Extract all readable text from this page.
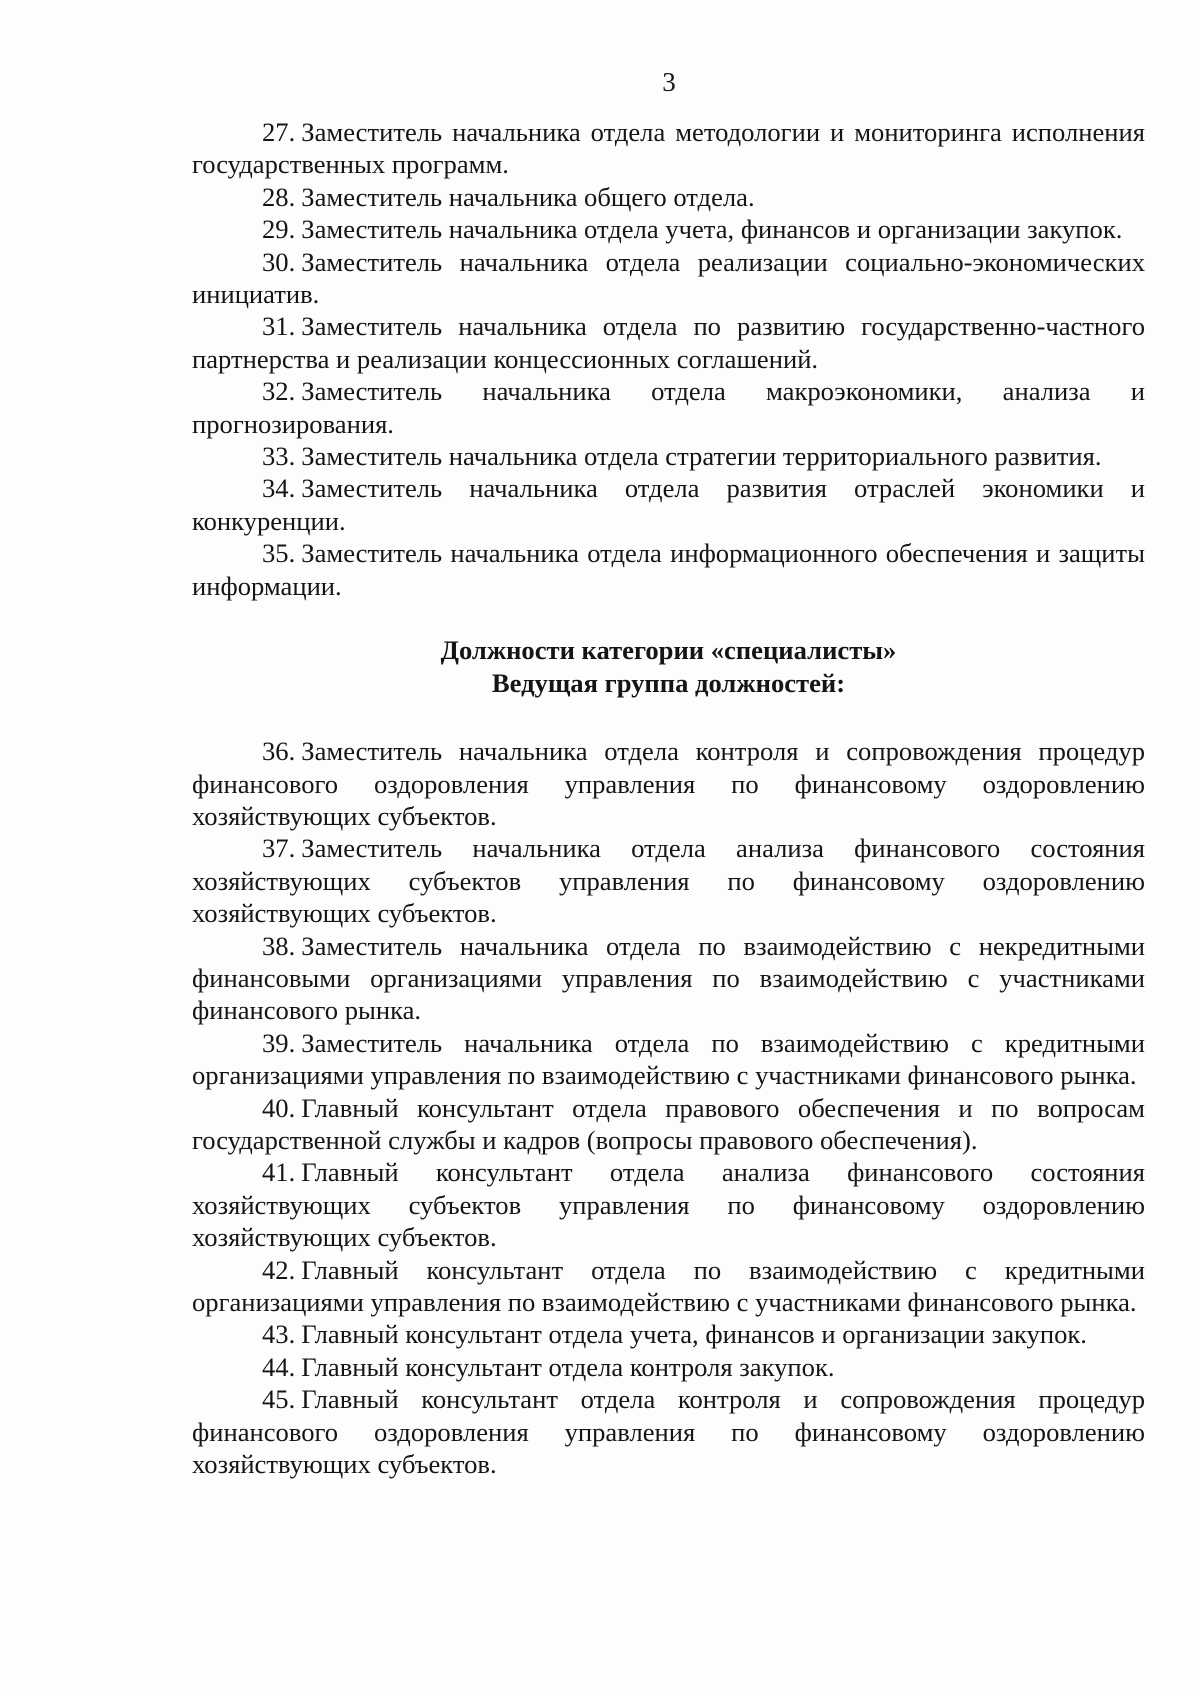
3

27. Заместитель начальника отдела методологии и мониторинга исполнения государственных программ.

28. Заместитель начальника общего отдела.

29. Заместитель начальника отдела учета, финансов и организации закупок.

30. Заместитель начальника отдела реализации социально-экономических инициатив.

31. Заместитель начальника отдела по развитию государственно-частного партнерства и реализации концессионных соглашений.

32. Заместитель начальника отдела макроэкономики, анализа и прогнозирования.

33. Заместитель начальника отдела стратегии территориального развития.

34. Заместитель начальника отдела развития отраслей экономики и конкуренции.

35. Заместитель начальника отдела информационного обеспечения и защиты информации.

Должности категории «специалисты»
Ведущая группа должностей:

36. Заместитель начальника отдела контроля и сопровождения процедур финансового оздоровления управления по финансовому оздоровлению хозяйствующих субъектов.

37. Заместитель начальника отдела анализа финансового состояния хозяйствующих субъектов управления по финансовому оздоровлению хозяйствующих субъектов.

38. Заместитель начальника отдела по взаимодействию с некредитными финансовыми организациями управления по взаимодействию с участниками финансового рынка.

39. Заместитель начальника отдела по взаимодействию с кредитными организациями управления по взаимодействию с участниками финансового рынка.

40. Главный консультант отдела правового обеспечения и по вопросам государственной службы и кадров (вопросы правового обеспечения).

41. Главный консультант отдела анализа финансового состояния хозяйствующих субъектов управления по финансовому оздоровлению хозяйствующих субъектов.

42. Главный консультант отдела по взаимодействию с кредитными организациями управления по взаимодействию с участниками финансового рынка.

43. Главный консультант отдела учета, финансов и организации закупок.

44. Главный консультант отдела контроля закупок.

45. Главный консультант отдела контроля и сопровождения процедур финансового оздоровления управления по финансовому оздоровлению хозяйствующих субъектов.
